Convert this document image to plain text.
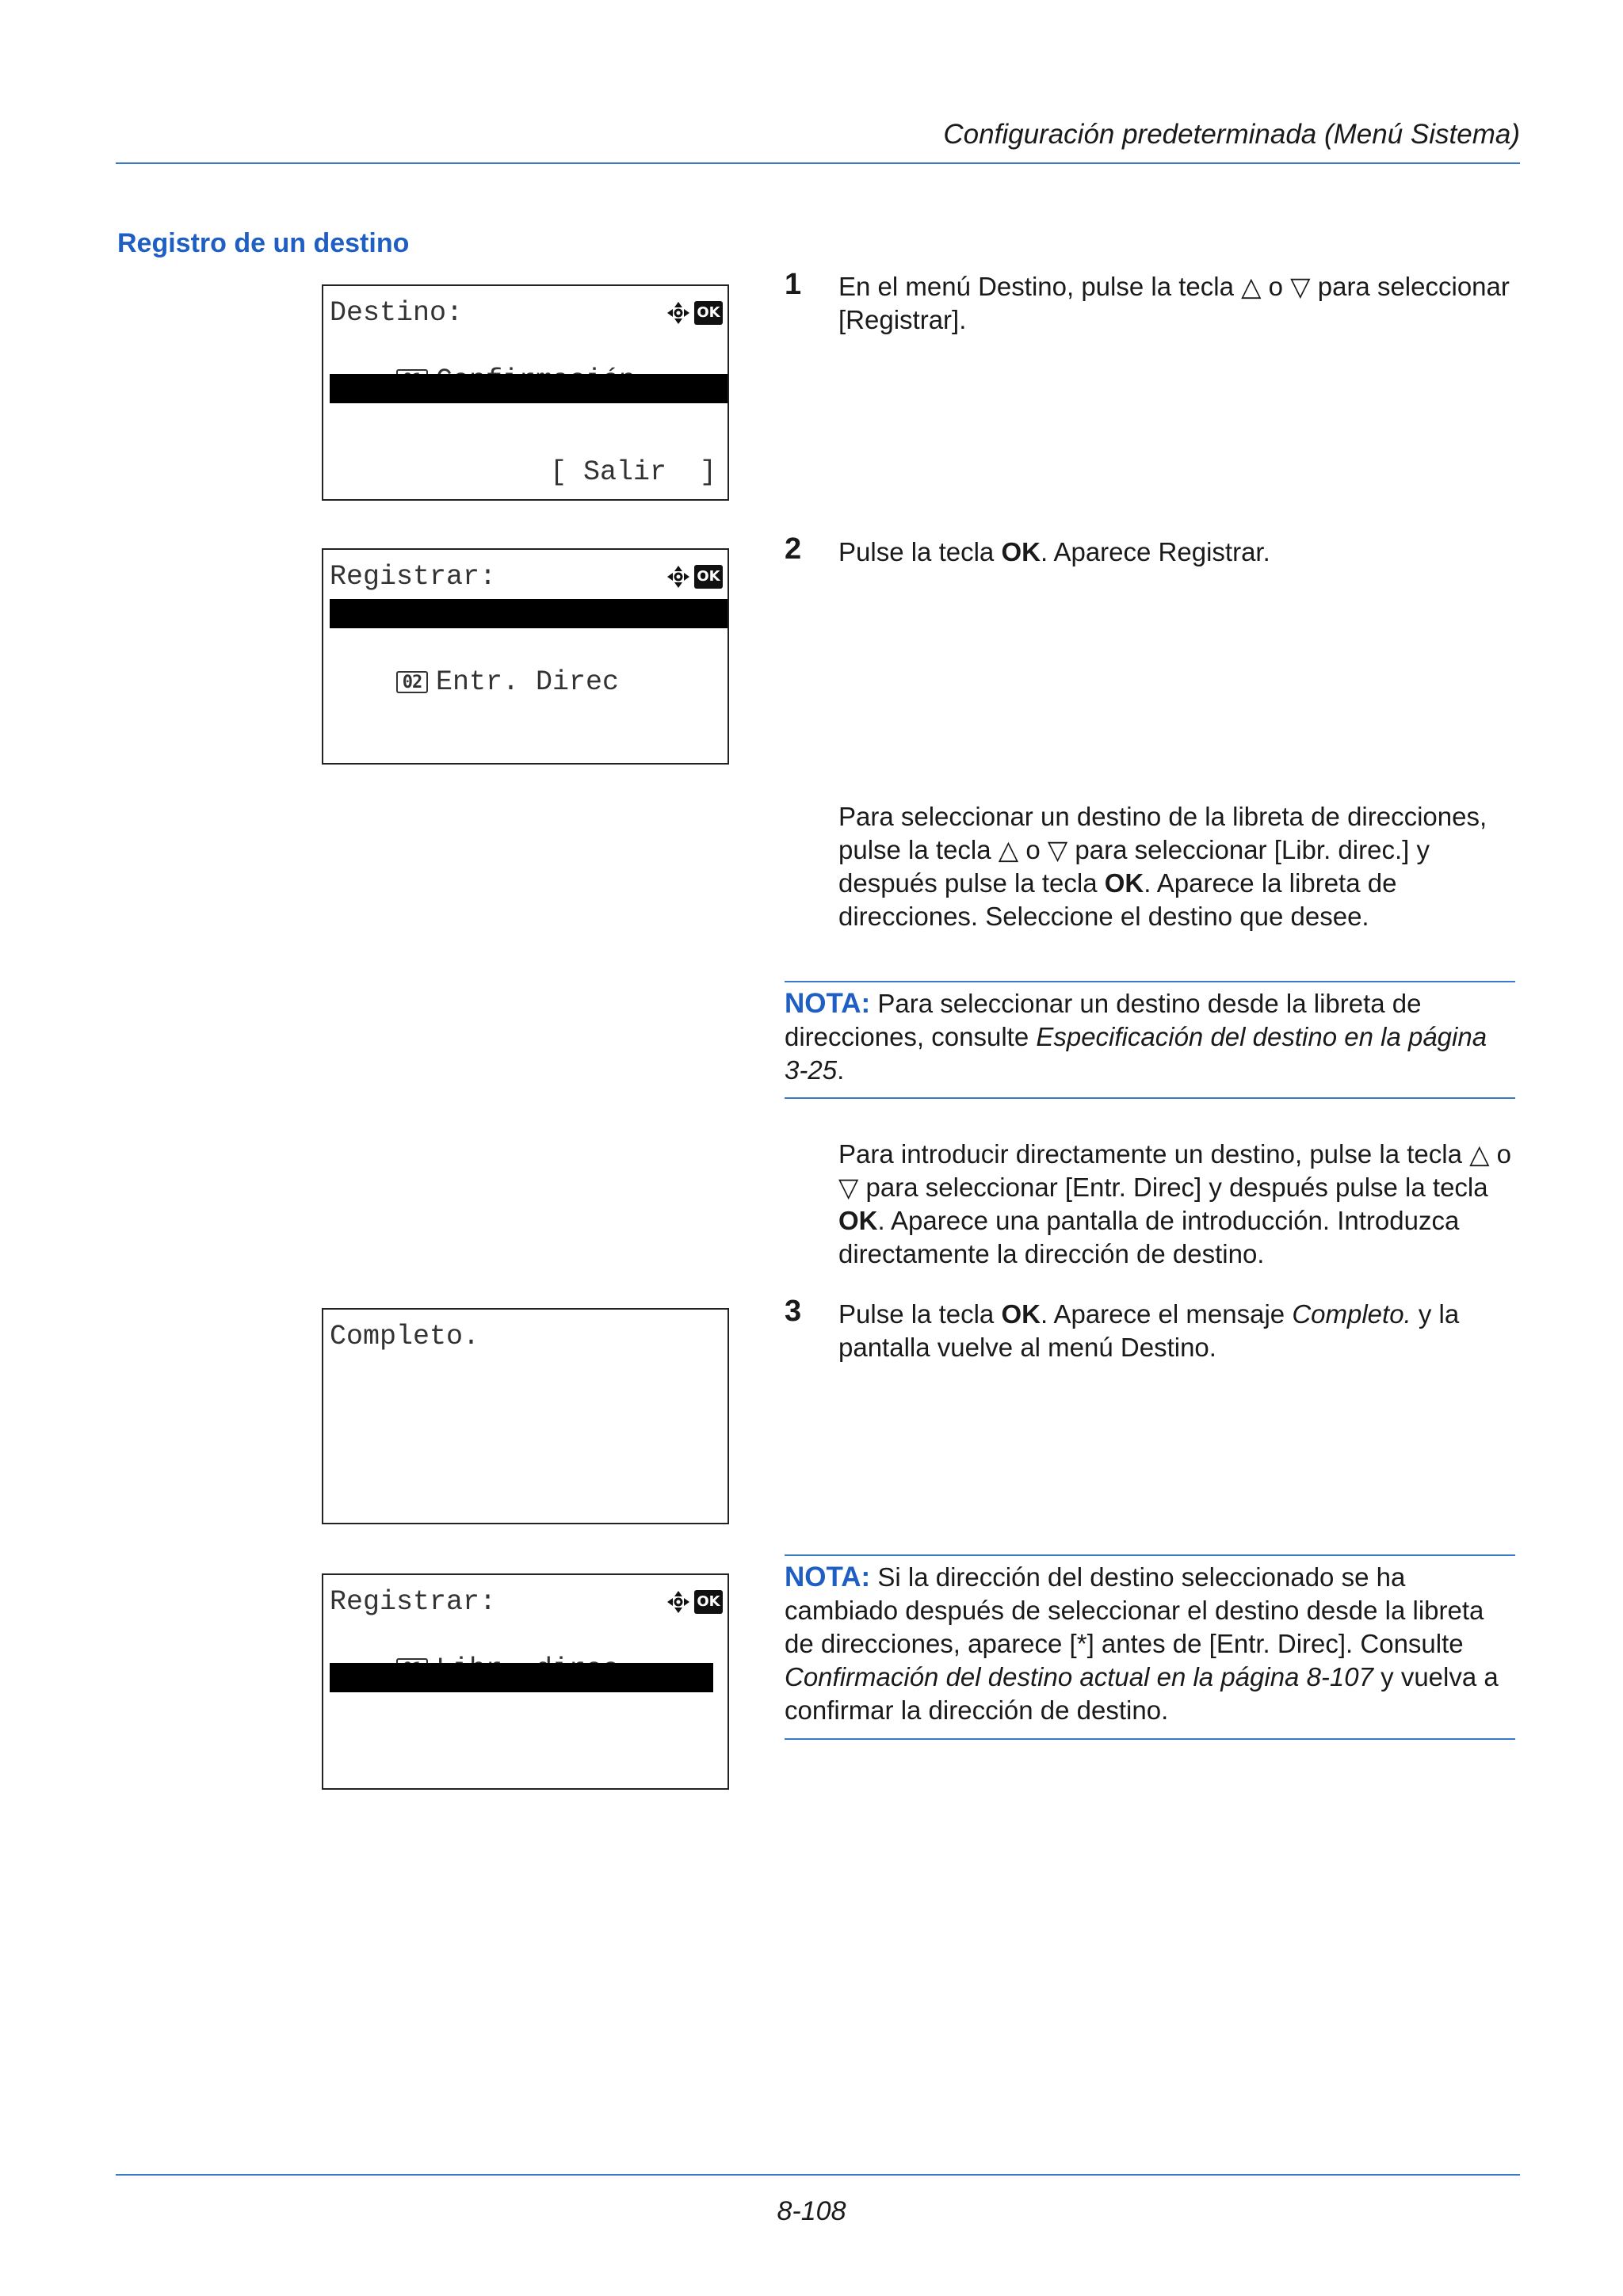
Configuración predeterminada (Menú Sistema)
Registro de un destino
Destino:	OK

02 Registrar

[ Salir  ]
Registrar:	OK

01 Libr. direc.

02 Entr. Direc

Completo.
Registrar:	OK

02 *Entr. Direc

1 En el menú Destino, pulse la tecla △ o ▽ para seleccionar [Registrar].
2 Pulse la tecla OK. Aparece Registrar.
Para seleccionar un destino de la libreta de direcciones, pulse la tecla △ o ▽ para seleccionar [Libr. direc.] y después pulse la tecla OK. Aparece la libreta de direcciones. Seleccione el destino que desee.
NOTA: Para seleccionar un destino desde la libreta de direcciones, consulte Especificación del destino en la página 3-25.
Para introducir directamente un destino, pulse la tecla △ o ▽ para seleccionar [Entr. Direc] y después pulse la tecla OK. Aparece una pantalla de introducción. Introduzca directamente la dirección de destino.
3 Pulse la tecla OK. Aparece el mensaje Completo. y la pantalla vuelve al menú Destino.
NOTA: Si la dirección del destino seleccionado se ha cambiado después de seleccionar el destino desde la libreta de direcciones, aparece [*] antes de [Entr. Direc]. Consulte Confirmación del destino actual en la página 8-107 y vuelva a confirmar la dirección de destino.
8-108
